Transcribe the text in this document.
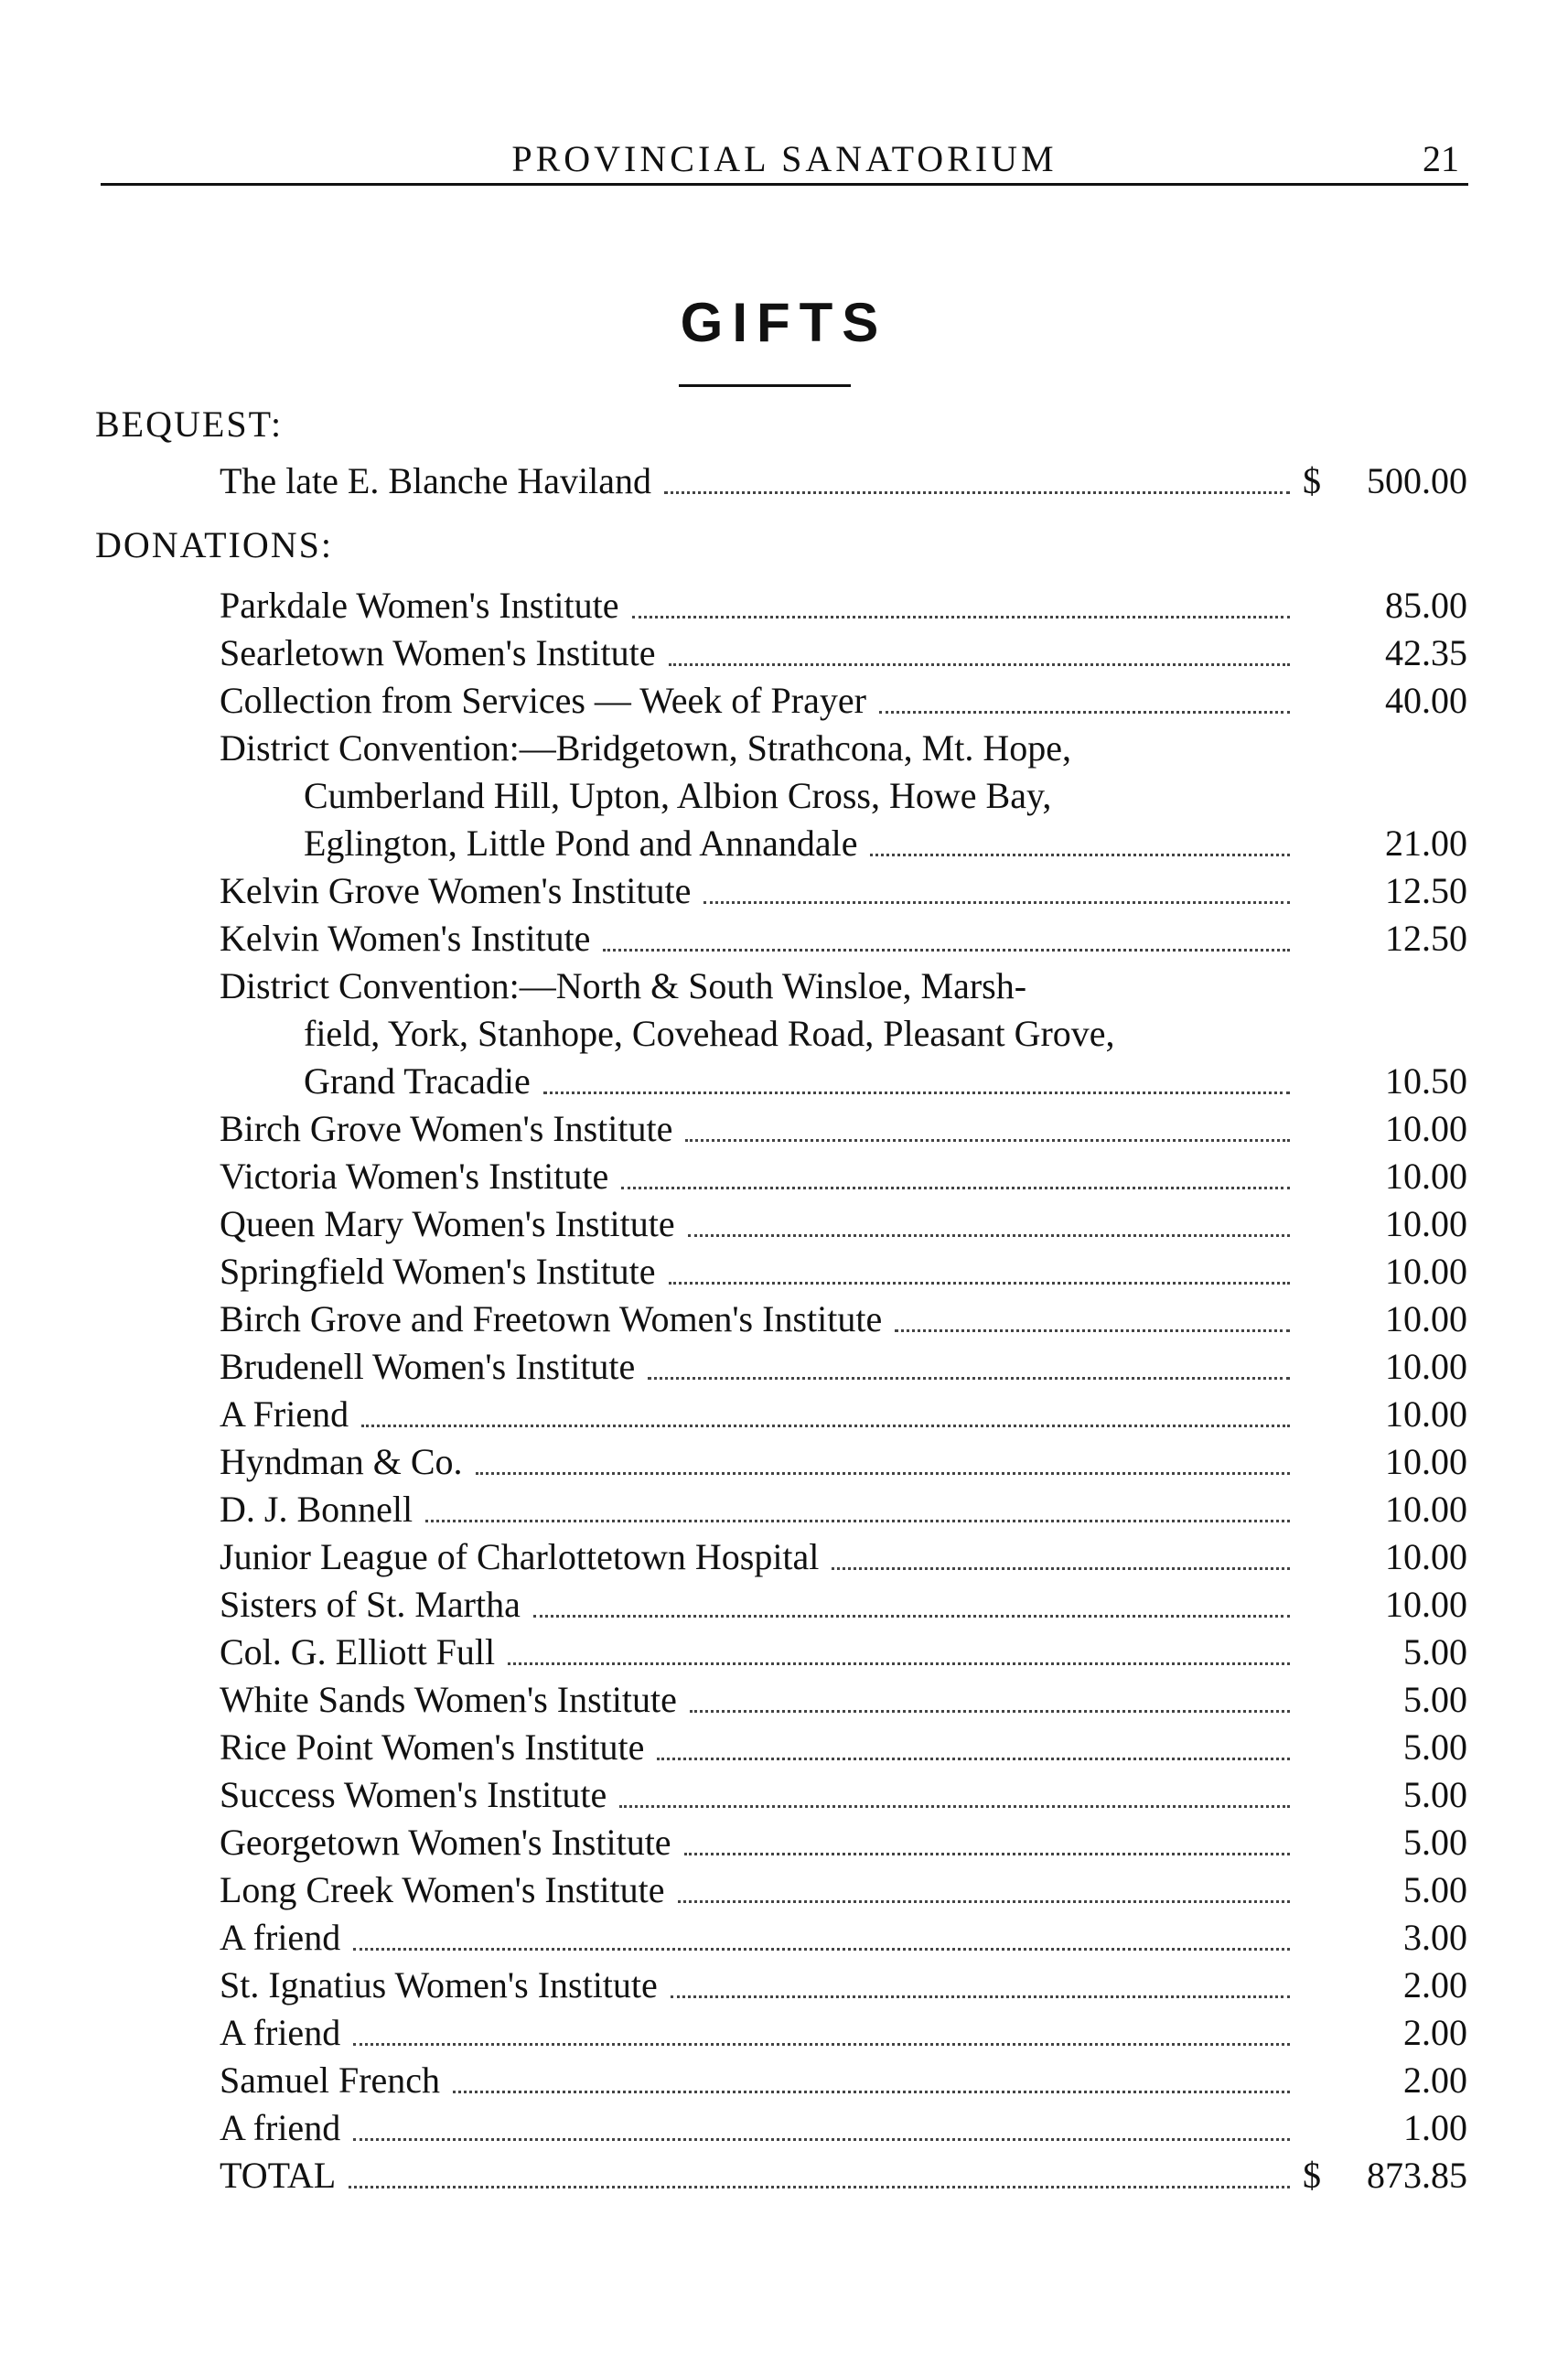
PROVINCIAL SANATORIUM	21
GIFTS
BEQUEST:
DONATIONS:
The late E. Blanche Haviland	$ 500.00
Parkdale Women's Institute	85.00
Searletown Women's Institute	42.35
Collection from Services — Week of Prayer	40.00
District Convention:—Bridgetown, Strathcona, Mt. Hope,
Cumberland Hill, Upton, Albion Cross, Howe Bay,
Eglington, Little Pond and Annandale	21.00
Kelvin Grove Women's Institute	12.50
Kelvin Women's Institute	12.50
District Convention:—North & South Winsloe, Marsh-
field, York, Stanhope, Covehead Road, Pleasant Grove,
Grand Tracadie	10.50
Birch Grove Women's Institute	10.00
Victoria Women's Institute	10.00
Queen Mary Women's Institute	10.00
Springfield Women's Institute	10.00
Birch Grove and Freetown Women's Institute	10.00
Brudenell Women's Institute	10.00
A Friend	10.00
Hyndman & Co.	10.00
D. J. Bonnell	10.00
Junior League of Charlottetown Hospital	10.00
Sisters of St. Martha	10.00
Col. G. Elliott Full	5.00
White Sands Women's Institute	5.00
Rice Point Women's Institute	5.00
Success Women's Institute	5.00
Georgetown Women's Institute	5.00
Long Creek Women's Institute	5.00
A friend	3.00
St. Ignatius Women's Institute	2.00
A friend	2.00
Samuel French	2.00
A friend	1.00
TOTAL	$ 873.85
